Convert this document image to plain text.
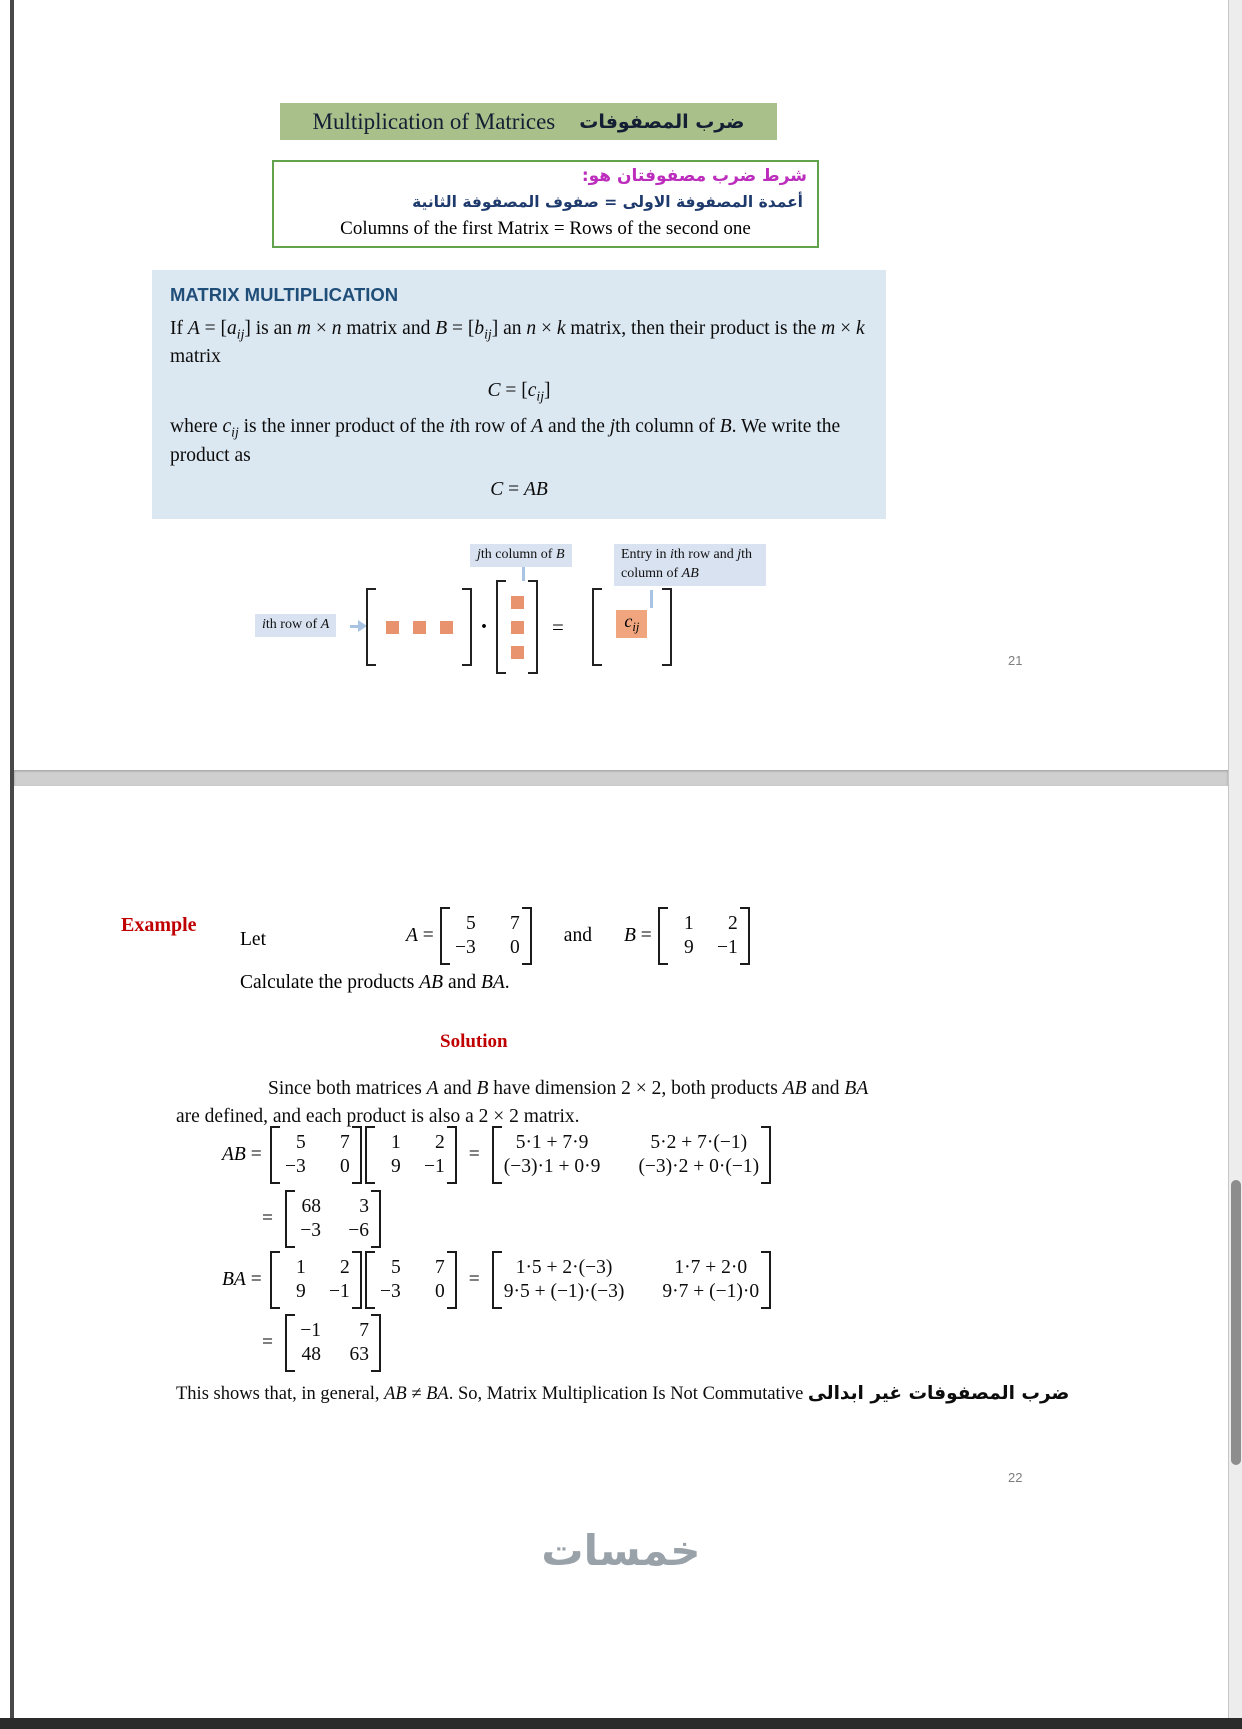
Multiplication of Matrices ضرب المصفوفات
شرط ضرب مصفوفتان هو:
أعمدة المصفوفة الاولى = صفوف المصفوفة الثانية
Columns of the first Matrix = Rows of the second one
MATRIX MULTIPLICATION

If $A = [a_{ij}]$ is an m × n matrix and $B = [b_{ij}]$ an n × k matrix, then their product is the m × k matrix

$C = [c_{ij}]$

where $c_{ij}$ is the inner product of the ith row of A and the jth column of B. We write the product as

C = AB
jth column of B	Entry in ith row and jth column of AB
ith row of A	·	=	$c_{ij}$
21
Example
Let	A =
5	7
−3	0
and B =
1	2
9 −1
Calculate the products AB and BA.
Solution

Since both matrices A and B have dimension 2 × 2, both products AB and BA are defined, and each product is also a 2 × 2 matrix.

AB =
5	7
−3	0
1	2
9 −1
=
5·1 + 7·9	5·2 + 7·(−1)
(−3)·1 + 0·9 (−3)·2 + 0·(−1)
=
68	3
−3 −6
BA =
1	2
9 −1
5	7
−3	0
=
1·5 + 2·(−3)	1·7 + 2·0
9·5 + (−1)·(−3) 9·7 + (−1)·0
=
−1	7
48 63

This shows that, in general, AB ≠ BA. So, Matrix Multiplication Is Not Commutative ضرب المصفوفات غير ابدالى

22
خمسات
